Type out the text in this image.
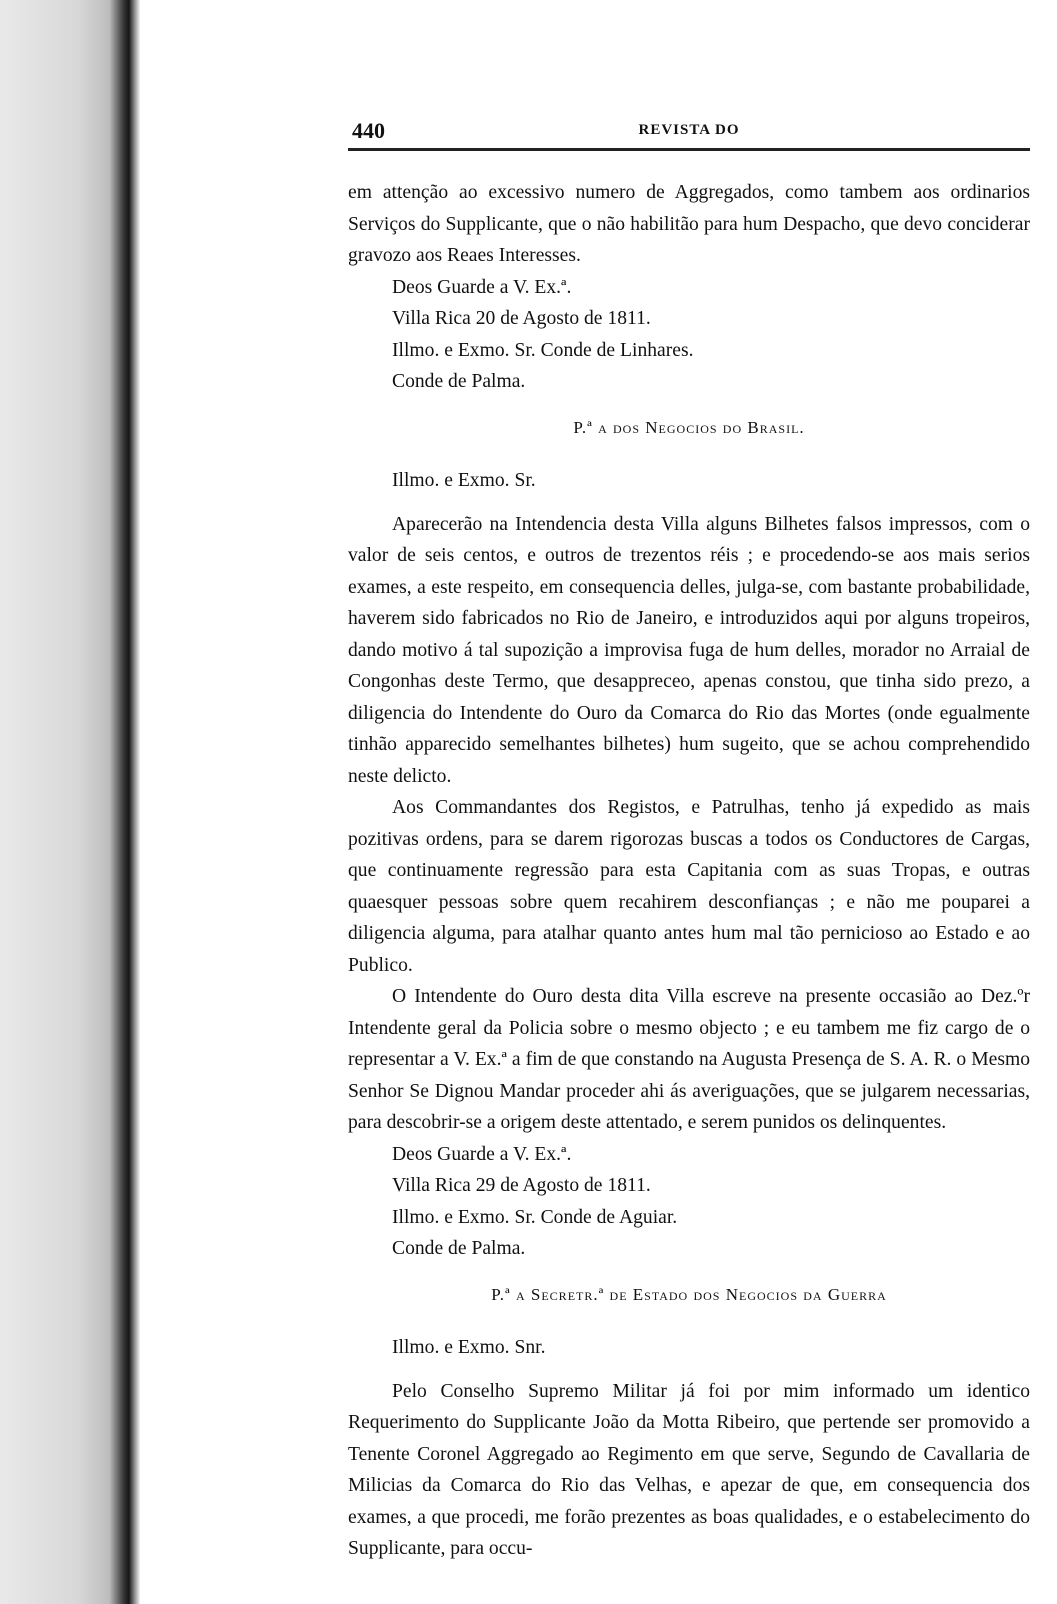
440	REVISTA DO

em attenção ao excessivo numero de Aggregados, como tambem aos ordinarios Serviços do Supplicante, que o não habilitão para hum Despacho, que devo conciderar gravozo aos Reaes Interesses.

Deos Guarde a V. Ex.ª.

Villa Rica 20 de Agosto de 1811.

Illmo. e Exmo. Sr. Conde de Linhares.

Conde de Palma.

P.ª a dos Negocios do Brasil.

Illmo. e Exmo. Sr.

Aparecerão na Intendencia desta Villa alguns Bilhetes falsos impressos, com o valor de seis centos, e outros de trezentos réis ; e procedendo-se aos mais serios exames, a este respeito, em consequencia delles, julga-se, com bastante probabilidade, haverem sido fabricados no Rio de Janeiro, e introduzidos aqui por alguns tropeiros, dando motivo á tal supozição a improvisa fuga de hum delles, morador no Arraial de Congonhas deste Termo, que desappreceo, apenas constou, que tinha sido prezo, a diligencia do Intendente do Ouro da Comarca do Rio das Mortes (onde egualmente tinhão apparecido semelhantes bilhetes) hum sugeito, que se achou comprehendido neste delicto.

Aos Commandantes dos Registos, e Patrulhas, tenho já expedido as mais pozitivas ordens, para se darem rigorozas buscas a todos os Conductores de Cargas, que continuamente regressão para esta Capitania com as suas Tropas, e outras quaesquer pessoas sobre quem recahirem desconfianças ; e não me pouparei a diligencia alguma, para atalhar quanto antes hum mal tão pernicioso ao Estado e ao Publico.

O Intendente do Ouro desta dita Villa escreve na presente occasião ao Dez.ºr Intendente geral da Policia sobre o mesmo objecto ; e eu tambem me fiz cargo de o representar a V. Ex.ª a fim de que constando na Augusta Presença de S. A. R. o Mesmo Senhor Se Dignou Mandar proceder ahi ás averiguações, que se julgarem necessarias, para descobrir-se a origem deste attentado, e serem punidos os delinquentes.

Deos Guarde a V. Ex.ª.

Villa Rica 29 de Agosto de 1811.

Illmo. e Exmo. Sr. Conde de Aguiar.

Conde de Palma.

P.ª a Secretr.ª de Estado dos Negocios da Guerra

Illmo. e Exmo. Snr.

Pelo Conselho Supremo Militar já foi por mim informado um identico Requerimento do Supplicante João da Motta Ribeiro, que pertende ser promovido a Tenente Coronel Aggregado ao Regimento em que serve, Segundo de Cavallaria de Milicias da Comarca do Rio das Velhas, e apezar de que, em consequencia dos exames, a que procedi, me forão prezentes as boas qualidades, e o estabelecimento do Supplicante, para occu-
